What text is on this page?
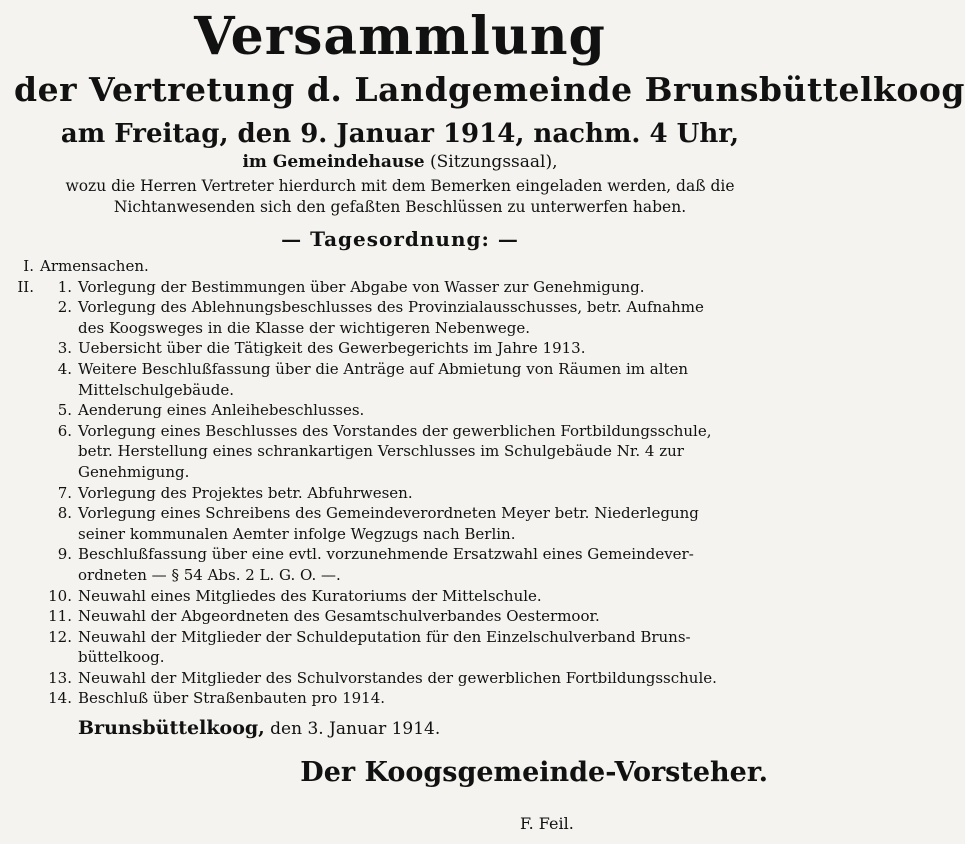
Versammlung
der Vertretung d. Landgemeinde Brunsbüttelkoog
am Freitag, den 9. Januar 1914, nachm. 4 Uhr,
im Gemeindehause (Sitzungssaal),
wozu die Herren Vertreter hierdurch mit dem Bemerken eingeladen werden, daß die
Nichtanwesenden sich den gefaßten Beschlüssen zu unterwerfen haben.
— Tagesordnung: —
I. Armensachen.
II.	1. Vorlegung der Bestimmungen über Abgabe von Wasser zur Genehmigung.
2. Vorlegung des Ablehnungsbeschlusses des Provinzialausschusses, betr. Aufnahme
des Koogsweges in die Klasse der wichtigeren Nebenwege.
3. Uebersicht über die Tätigkeit des Gewerbegerichts im Jahre 1913.
4. Weitere Beschlußfassung über die Anträge auf Abmietung von Räumen im alten
Mittelschulgebäude.
5. Aenderung eines Anleihebeschlusses.
6. Vorlegung eines Beschlusses des Vorstandes der gewerblichen Fortbildungsschule,
betr. Herstellung eines schrankartigen Verschlusses im Schulgebäude Nr. 4 zur
Genehmigung.
7. Vorlegung des Projektes betr. Abfuhrwesen.
8. Vorlegung eines Schreibens des Gemeindeverordneten Meyer betr. Niederlegung
seiner kommunalen Aemter infolge Wegzugs nach Berlin.
9. Beschlußfassung über eine evtl. vorzunehmende Ersatzwahl eines Gemeindever-
ordneten — § 54 Abs. 2 L. G. O. —.
10. Neuwahl eines Mitgliedes des Kuratoriums der Mittelschule.
11. Neuwahl der Abgeordneten des Gesamtschulverbandes Oestermoor.
12. Neuwahl der Mitglieder der Schuldeputation für den Einzelschulverband Bruns-
büttelkoog.
13. Neuwahl der Mitglieder des Schulvorstandes der gewerblichen Fortbildungsschule.
14. Beschluß über Straßenbauten pro 1914.
Brunsbüttelkoog, den 3. Januar 1914.
Der Koogsgemeinde-Vorsteher.
F. Feil.
